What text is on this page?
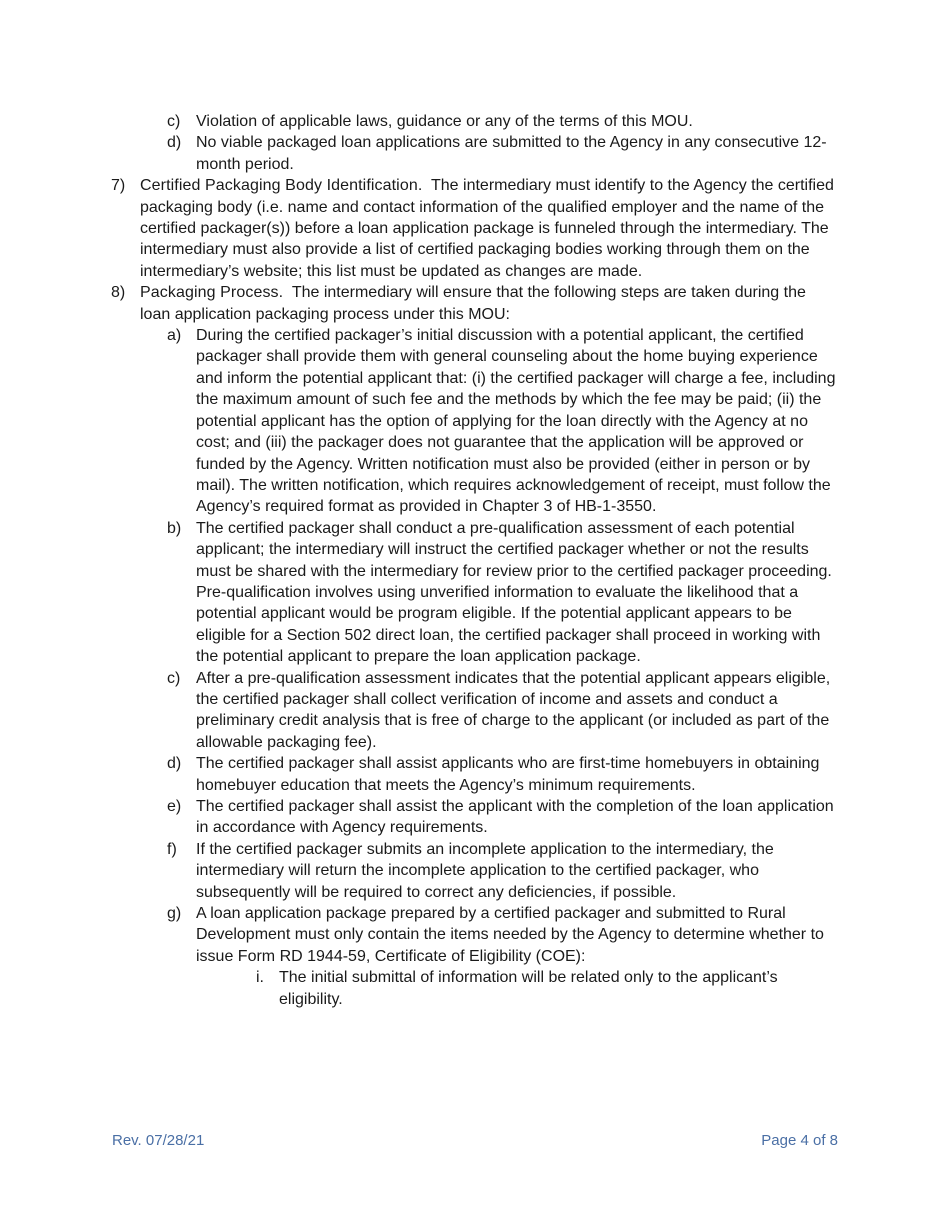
c) Violation of applicable laws, guidance or any of the terms of this MOU.
d) No viable packaged loan applications are submitted to the Agency in any consecutive 12-month period.
7) Certified Packaging Body Identification. The intermediary must identify to the Agency the certified packaging body (i.e. name and contact information of the qualified employer and the name of the certified packager(s)) before a loan application package is funneled through the intermediary. The intermediary must also provide a list of certified packaging bodies working through them on the intermediary’s website; this list must be updated as changes are made.
8) Packaging Process. The intermediary will ensure that the following steps are taken during the loan application packaging process under this MOU:
a) During the certified packager’s initial discussion with a potential applicant, the certified packager shall provide them with general counseling about the home buying experience and inform the potential applicant that: (i) the certified packager will charge a fee, including the maximum amount of such fee and the methods by which the fee may be paid; (ii) the potential applicant has the option of applying for the loan directly with the Agency at no cost; and (iii) the packager does not guarantee that the application will be approved or funded by the Agency. Written notification must also be provided (either in person or by mail). The written notification, which requires acknowledgement of receipt, must follow the Agency’s required format as provided in Chapter 3 of HB-1-3550.
b) The certified packager shall conduct a pre-qualification assessment of each potential applicant; the intermediary will instruct the certified packager whether or not the results must be shared with the intermediary for review prior to the certified packager proceeding. Pre-qualification involves using unverified information to evaluate the likelihood that a potential applicant would be program eligible. If the potential applicant appears to be eligible for a Section 502 direct loan, the certified packager shall proceed in working with the potential applicant to prepare the loan application package.
c) After a pre-qualification assessment indicates that the potential applicant appears eligible, the certified packager shall collect verification of income and assets and conduct a preliminary credit analysis that is free of charge to the applicant (or included as part of the allowable packaging fee).
d) The certified packager shall assist applicants who are first-time homebuyers in obtaining homebuyer education that meets the Agency’s minimum requirements.
e) The certified packager shall assist the applicant with the completion of the loan application in accordance with Agency requirements.
f) If the certified packager submits an incomplete application to the intermediary, the intermediary will return the incomplete application to the certified packager, who subsequently will be required to correct any deficiencies, if possible.
g) A loan application package prepared by a certified packager and submitted to Rural Development must only contain the items needed by the Agency to determine whether to issue Form RD 1944-59, Certificate of Eligibility (COE):
i. The initial submittal of information will be related only to the applicant’s eligibility.
Rev. 07/28/21	Page 4 of 8
